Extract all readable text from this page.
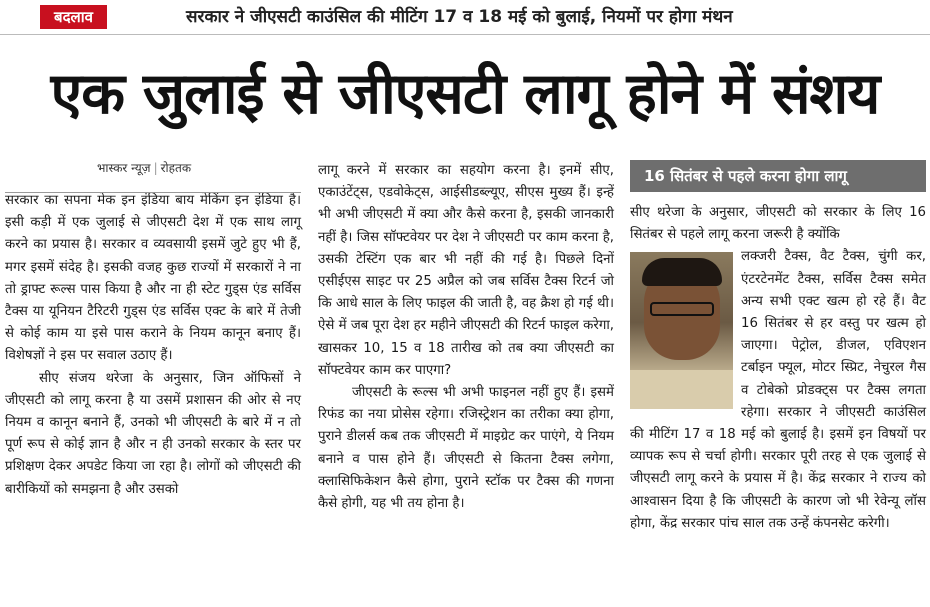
बदलाव	सरकार ने जीएसटी काउंसिल की मीटिंग 17 व 18 मई को बुलाई, नियमों पर होगा मंथन
एक जुलाई से जीएसटी लागू होने में संशय
भास्कर न्यूज़ | रोहतक

सरकार का सपना मेक इन इंडिया बाय मेकिंग इन इंडिया है। इसी कड़ी में एक जुलाई से जीएसटी देश में एक साथ लागू करने का प्रयास है। सरकार व व्यवसायी इसमें जुटे हुए भी हैं, मगर इसमें संदेह है। इसकी वजह कुछ राज्यों में सरकारों ने ना तो ड्राफ्ट रूल्स पास किया है और ना ही स्टेट गुड्स एंड सर्विस टैक्स या यूनियन टैरिटरी गुड्स एंड सर्विस एक्ट के बारे में तेजी से कोई काम या इसे पास कराने के नियम कानून बनाए हैं। विशेषज्ञों ने इस पर सवाल उठाए हैं।

सीए संजय थरेजा के अनुसार, जिन ऑफिसों ने जीएसटी को लागू करना है या उसमें प्रशासन की ओर से नए नियम व कानून बनाने हैं, उनको भी जीएसटी के बारे में न तो पूर्ण रूप से कोई ज्ञान है और न ही उनको सरकार के स्तर पर प्रशिक्षण देकर अपडेट किया जा रहा है। लोगों को जीएसटी की बारीकियों को समझना है और उसको

लागू करने में सरकार का सहयोग करना है। इनमें सीए, एकाउंटेंट्स, एडवोकेट्स, आईसीडब्ल्यूए, सीएस मुख्य हैं। इन्हें भी अभी जीएसटी में क्या और कैसे करना है, इसकी जानकारी नहीं है। जिस सॉफ्टवेयर पर देश ने जीएसटी पर काम करना है, उसकी टेस्टिंग एक बार भी नहीं की गई है। पिछले दिनों एसीईएस साइट पर 25 अप्रैल को जब सर्विस टैक्स रिटर्न जो कि आधे साल के लिए फाइल की जाती है, वह क्रैश हो गई थी। ऐसे में जब पूरा देश हर महीने जीएसटी की रिटर्न फाइल करेगा, खासकर 10, 15 व 18 तारीख को तब क्या जीएसटी का सॉफ्टवेयर काम कर पाएगा?

जीएसटी के रूल्स भी अभी फाइनल नहीं हुए हैं। इसमें रिफंड का नया प्रोसेस रहेगा। रजिस्ट्रेशन का तरीका क्या होगा, पुराने डीलर्स कब तक जीएसटी में माइग्रेट कर पाएंगे, ये नियम बनाने व पास होने हैं। जीएसटी से कितना टैक्स लगेगा, क्लासिफिकेशन कैसे होगा, पुराने स्टॉक पर टैक्स की गणना कैसे होगी, यह भी तय होना है।

16 सितंबर से पहले करना होगा लागू

सीए थरेजा के अनुसार, जीएसटी को सरकार के लिए 16 सितंबर से पहले लागू करना जरूरी है क्योंकि

लक्जरी टैक्स, वैट टैक्स, चुंगी कर, एंटरटेनमेंट टैक्स, सर्विस टैक्स समेत अन्य सभी एक्ट खत्म हो रहे हैं। वैट 16 सितंबर से हर वस्तु पर खत्म हो जाएगा। पेट्रोल, डीजल, एविएशन टर्बाइन फ्यूल, मोटर स्प्रिट, नेचुरल गैस व टोबेको प्रोडक्ट्स पर टैक्स लगता रहेगा। सरकार ने जीएसटी काउंसिल की मीटिंग 17 व 18 मई को बुलाई है। इसमें इन विषयों पर व्यापक रूप से चर्चा होगी। सरकार पूरी तरह से एक जुलाई से जीएसटी लागू करने के प्रयास में है। केंद्र सरकार ने राज्य को आश्वासन दिया है कि जीएसटी के कारण जो भी रेवेन्यू लॉस होगा, केंद्र सरकार पांच साल तक उन्हें कंपनसेट करेगी।
